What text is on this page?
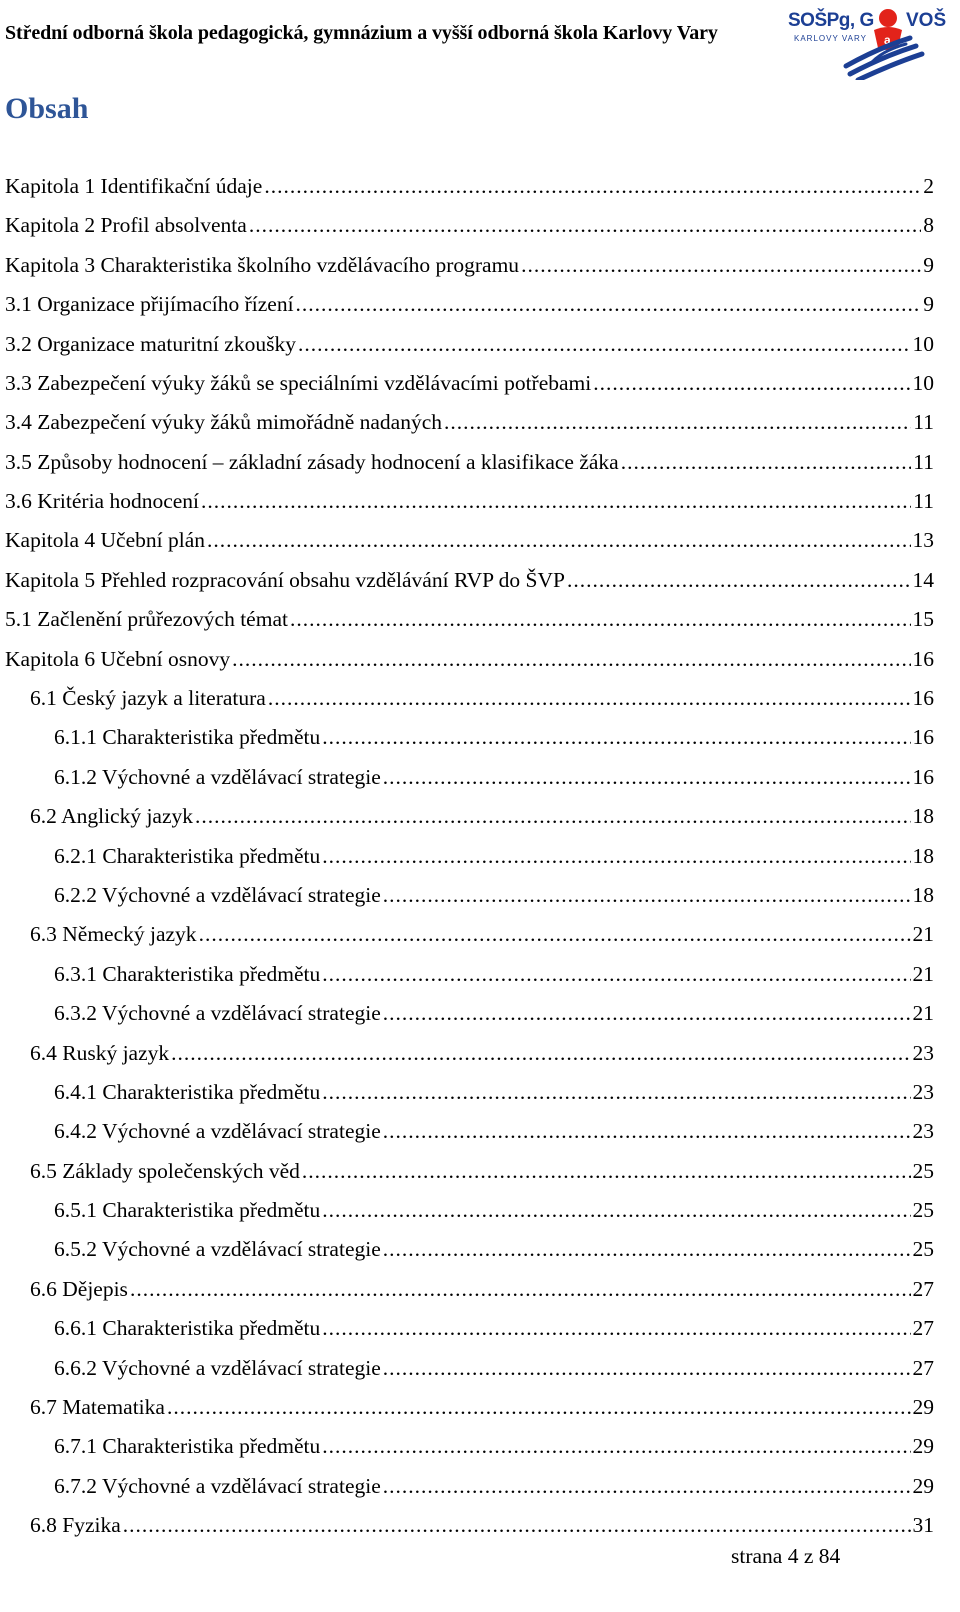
Střední odborná škola pedagogická, gymnázium a vyšší odborná škola Karlovy Vary	a
SOŠPg, G
KARLOVY VARY
VOŠ
Obsah
Kapitola 1 Identifikační údaje .....	2
Kapitola 2 Profil absolventa .....	8
Kapitola 3 Charakteristika školního vzdělávacího programu .....	9
3.1 Organizace přijímacího řízení .....	9
3.2 Organizace maturitní zkoušky .....	10
3.3 Zabezpečení výuky žáků se speciálními vzdělávacími potřebami .....	10
3.4 Zabezpečení výuky žáků mimořádně nadaných .....	11
3.5 Způsoby hodnocení – základní zásady hodnocení a klasifikace žáka .....	11
3.6 Kritéria hodnocení .....	11
Kapitola 4 Učební plán .....	13
Kapitola 5 Přehled rozpracování obsahu vzdělávání RVP do ŠVP .....	14
5.1 Začlenění průřezových témat .....	15
Kapitola 6 Učební osnovy .....	16
6.1 Český jazyk a literatura .....	16
6.1.1 Charakteristika předmětu .....	16
6.1.2 Výchovné a vzdělávací strategie .....	16
6.2 Anglický jazyk .....	18
6.2.1 Charakteristika předmětu .....	18
6.2.2 Výchovné a vzdělávací strategie .....	18
6.3 Německý jazyk .....	21
6.3.1 Charakteristika předmětu .....	21
6.3.2 Výchovné a vzdělávací strategie .....	21
6.4 Ruský jazyk .....	23
6.4.1 Charakteristika předmětu .....	23
6.4.2 Výchovné a vzdělávací strategie .....	23
6.5 Základy společenských věd .....	25
6.5.1 Charakteristika předmětu .....	25
6.5.2 Výchovné a vzdělávací strategie .....	25
6.6 Dějepis .....	27
6.6.1 Charakteristika předmětu .....	27
6.6.2 Výchovné a vzdělávací strategie .....	27
6.7 Matematika .....	29
6.7.1 Charakteristika předmětu .....	29
6.7.2 Výchovné a vzdělávací strategie .....	29
6.8 Fyzika .....	31
strana 4 z 84
